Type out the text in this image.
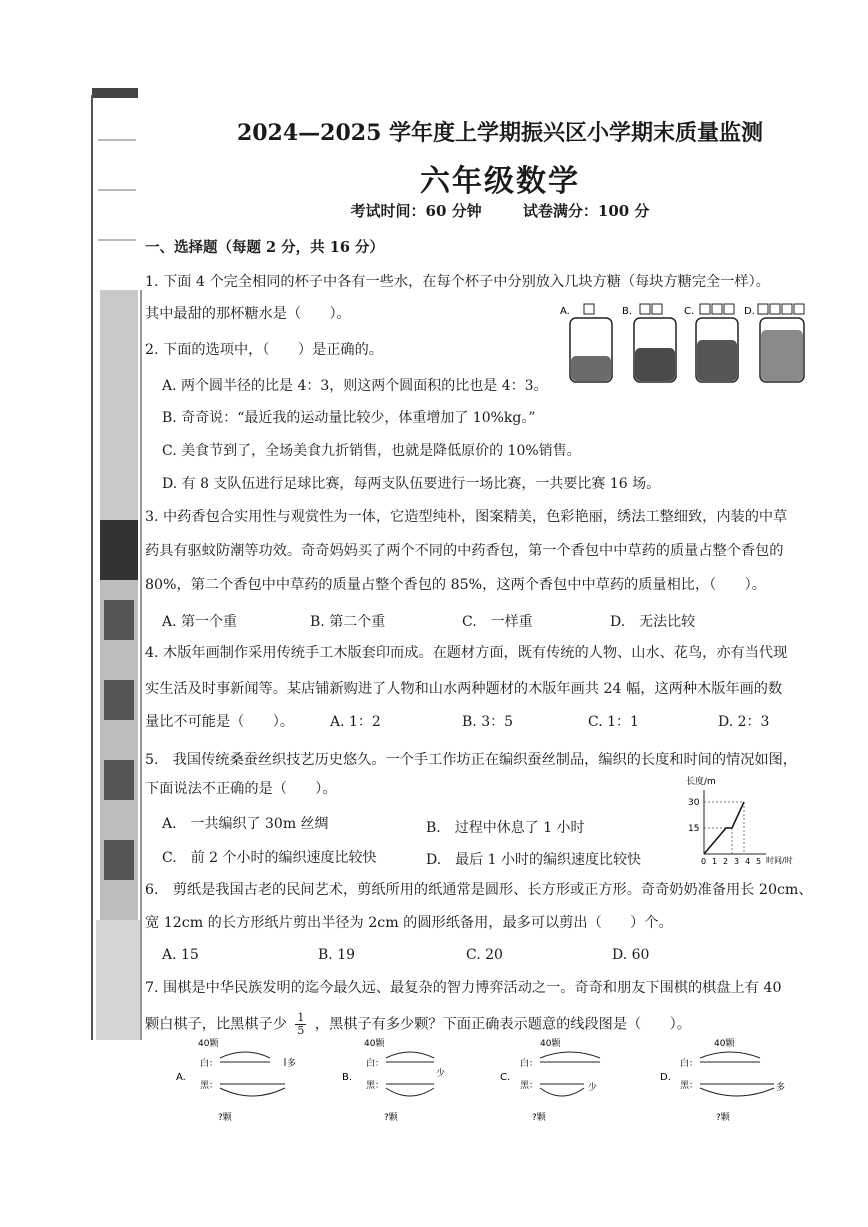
2024—2025 学年度上学期振兴区小学期末质量监测
六年级数学
考试时间：60 分钟	试卷满分：100 分
一、选择题（每题 2 分，共 16 分）
1. 下面 4 个完全相同的杯子中各有一些水，在每个杯子中分别放入几块方糖（每块方糖完全一样）。
其中最甜的那杯糖水是（　　）。	A.	B.	C.	D.
2. 下面的选项中，（　　）是正确的。
A. 两个圆半径的比是 4：3，则这两个圆面积的比也是 4：3。
B. 奇奇说：“最近我的运动量比较少，体重增加了 10%kg。”
C. 美食节到了，全场美食九折销售，也就是降低原价的 10%销售。
D. 有 8 支队伍进行足球比赛，每两支队伍要进行一场比赛，一共要比赛 16 场。
3. 中药香包合实用性与观赏性为一体，它造型纯朴，图案精美，色彩艳丽，绣法工整细致，内装的中草
药具有驱蚊防潮等功效。奇奇妈妈买了两个不同的中药香包，第一个香包中中草药的质量占整个香包的
80%，第二个香包中中草药的质量占整个香包的 85%，这两个香包中中草药的质量相比，（　　）。
A. 第一个重	B. 第二个重	C.　一样重	D.　无法比较
4. 木版年画制作采用传统手工木版套印而成。在题材方面，既有传统的人物、山水、花鸟，亦有当代现
实生活及时事新闻等。某店铺新购进了人物和山水两种题材的木版年画共 24 幅，这两种木版年画的数
量比不可能是（　　）。	A. 1：2	B. 3：5	C. 1：1	D. 2：3
5.　我国传统桑蚕丝织技艺历史悠久。一个手工作坊正在编织蚕丝制品，编织的长度和时间的情况如图，
下面说法不正确的是（　　）。
A.　一共编织了 30m 丝绸	B.　过程中休息了 1 小时
C.　前 2 个小时的编织速度比较快	D.　最后 1 小时的编织速度比较快
长度/m
时间/时
30
15
0 1 2 3 4 5
6.　剪纸是我国古老的民间艺术，剪纸所用的纸通常是圆形、长方形或正方形。奇奇奶奶准备用长 20cm、
宽 12cm 的长方形纸片剪出半径为 2cm 的圆形纸备用，最多可以剪出（　　）个。
A. 15	B. 19	C. 20	D. 60
7. 围棋是中华民族发明的迄今最久远、最复杂的智力博弈活动之一。奇奇和朋友下围棋的棋盘上有 40
颗白棋子，比黑棋子少 $\frac{1}{5}$ ，黑棋子有多少颗？下面正确表示题意的线段图是（　　）。
A.
40颗
白：
黑：
?颗
多
B.
40颗
白：
黑：
?颗
少	C.
40颗
白：
黑：
?颗
少
D.
40颗
白：
黑：
?颗
多
